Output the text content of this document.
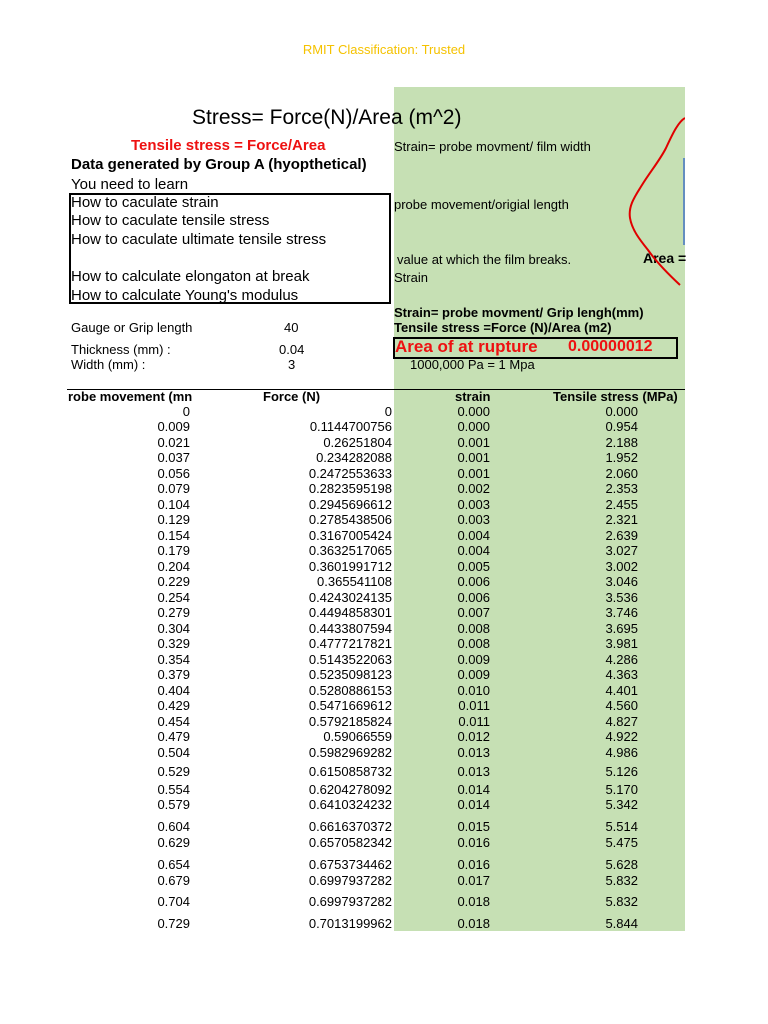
RMIT Classification: Trusted
Stress= Force(N)/Area (m^2)
Tensile stress = Force/Area
Data generated by Group A (hyopthetical)
You need to learn
How to caculate strain
How to caculate tensile stress
How to caculate ultimate tensile stress
How to calculate elongaton at break
How to calculate Young's modulus
Strain= probe movment/ film width
probe movement/origial length
value at which the film breaks.
Strain
Area =
Strain= probe movment/ Grip lengh(mm)
Tensile stress =Force (N)/Area (m2)
Area of at rupture 0.00000012
1000,000 Pa = 1 Mpa
Gauge or Grip length	40
Thickness (mm) :	0.04
Width (mm) :	3
robe movement (mn	Force (N)	strain	Tensile stress (MPa)
0	0	0.000	0.000
0.009	0.1144700756	0.000	0.954
0.021	0.26251804	0.001	2.188
0.037	0.234282088	0.001	1.952
0.056	0.2472553633	0.001	2.060
0.079	0.2823595198	0.002	2.353
0.104	0.2945696612	0.003	2.455
0.129	0.2785438506	0.003	2.321
0.154	0.3167005424	0.004	2.639
0.179	0.3632517065	0.004	3.027
0.204	0.3601991712	0.005	3.002
0.229	0.365541108	0.006	3.046
0.254	0.4243024135	0.006	3.536
0.279	0.4494858301	0.007	3.746
0.304	0.4433807594	0.008	3.695
0.329	0.4777217821	0.008	3.981
0.354	0.5143522063	0.009	4.286
0.379	0.5235098123	0.009	4.363
0.404	0.5280886153	0.010	4.401
0.429	0.5471669612	0.011	4.560
0.454	0.5792185824	0.011	4.827
0.479	0.59066559	0.012	4.922
0.504	0.5982969282	0.013	4.986
0.529	0.6150858732	0.013	5.126
0.554	0.6204278092	0.014	5.170
0.579	0.6410324232	0.014	5.342
0.604	0.6616370372	0.015	5.514
0.629	0.6570582342	0.016	5.475
0.654	0.6753734462	0.016	5.628
0.679	0.6997937282	0.017	5.832
0.704	0.6997937282	0.018	5.832
0.729	0.7013199962	0.018	5.844
